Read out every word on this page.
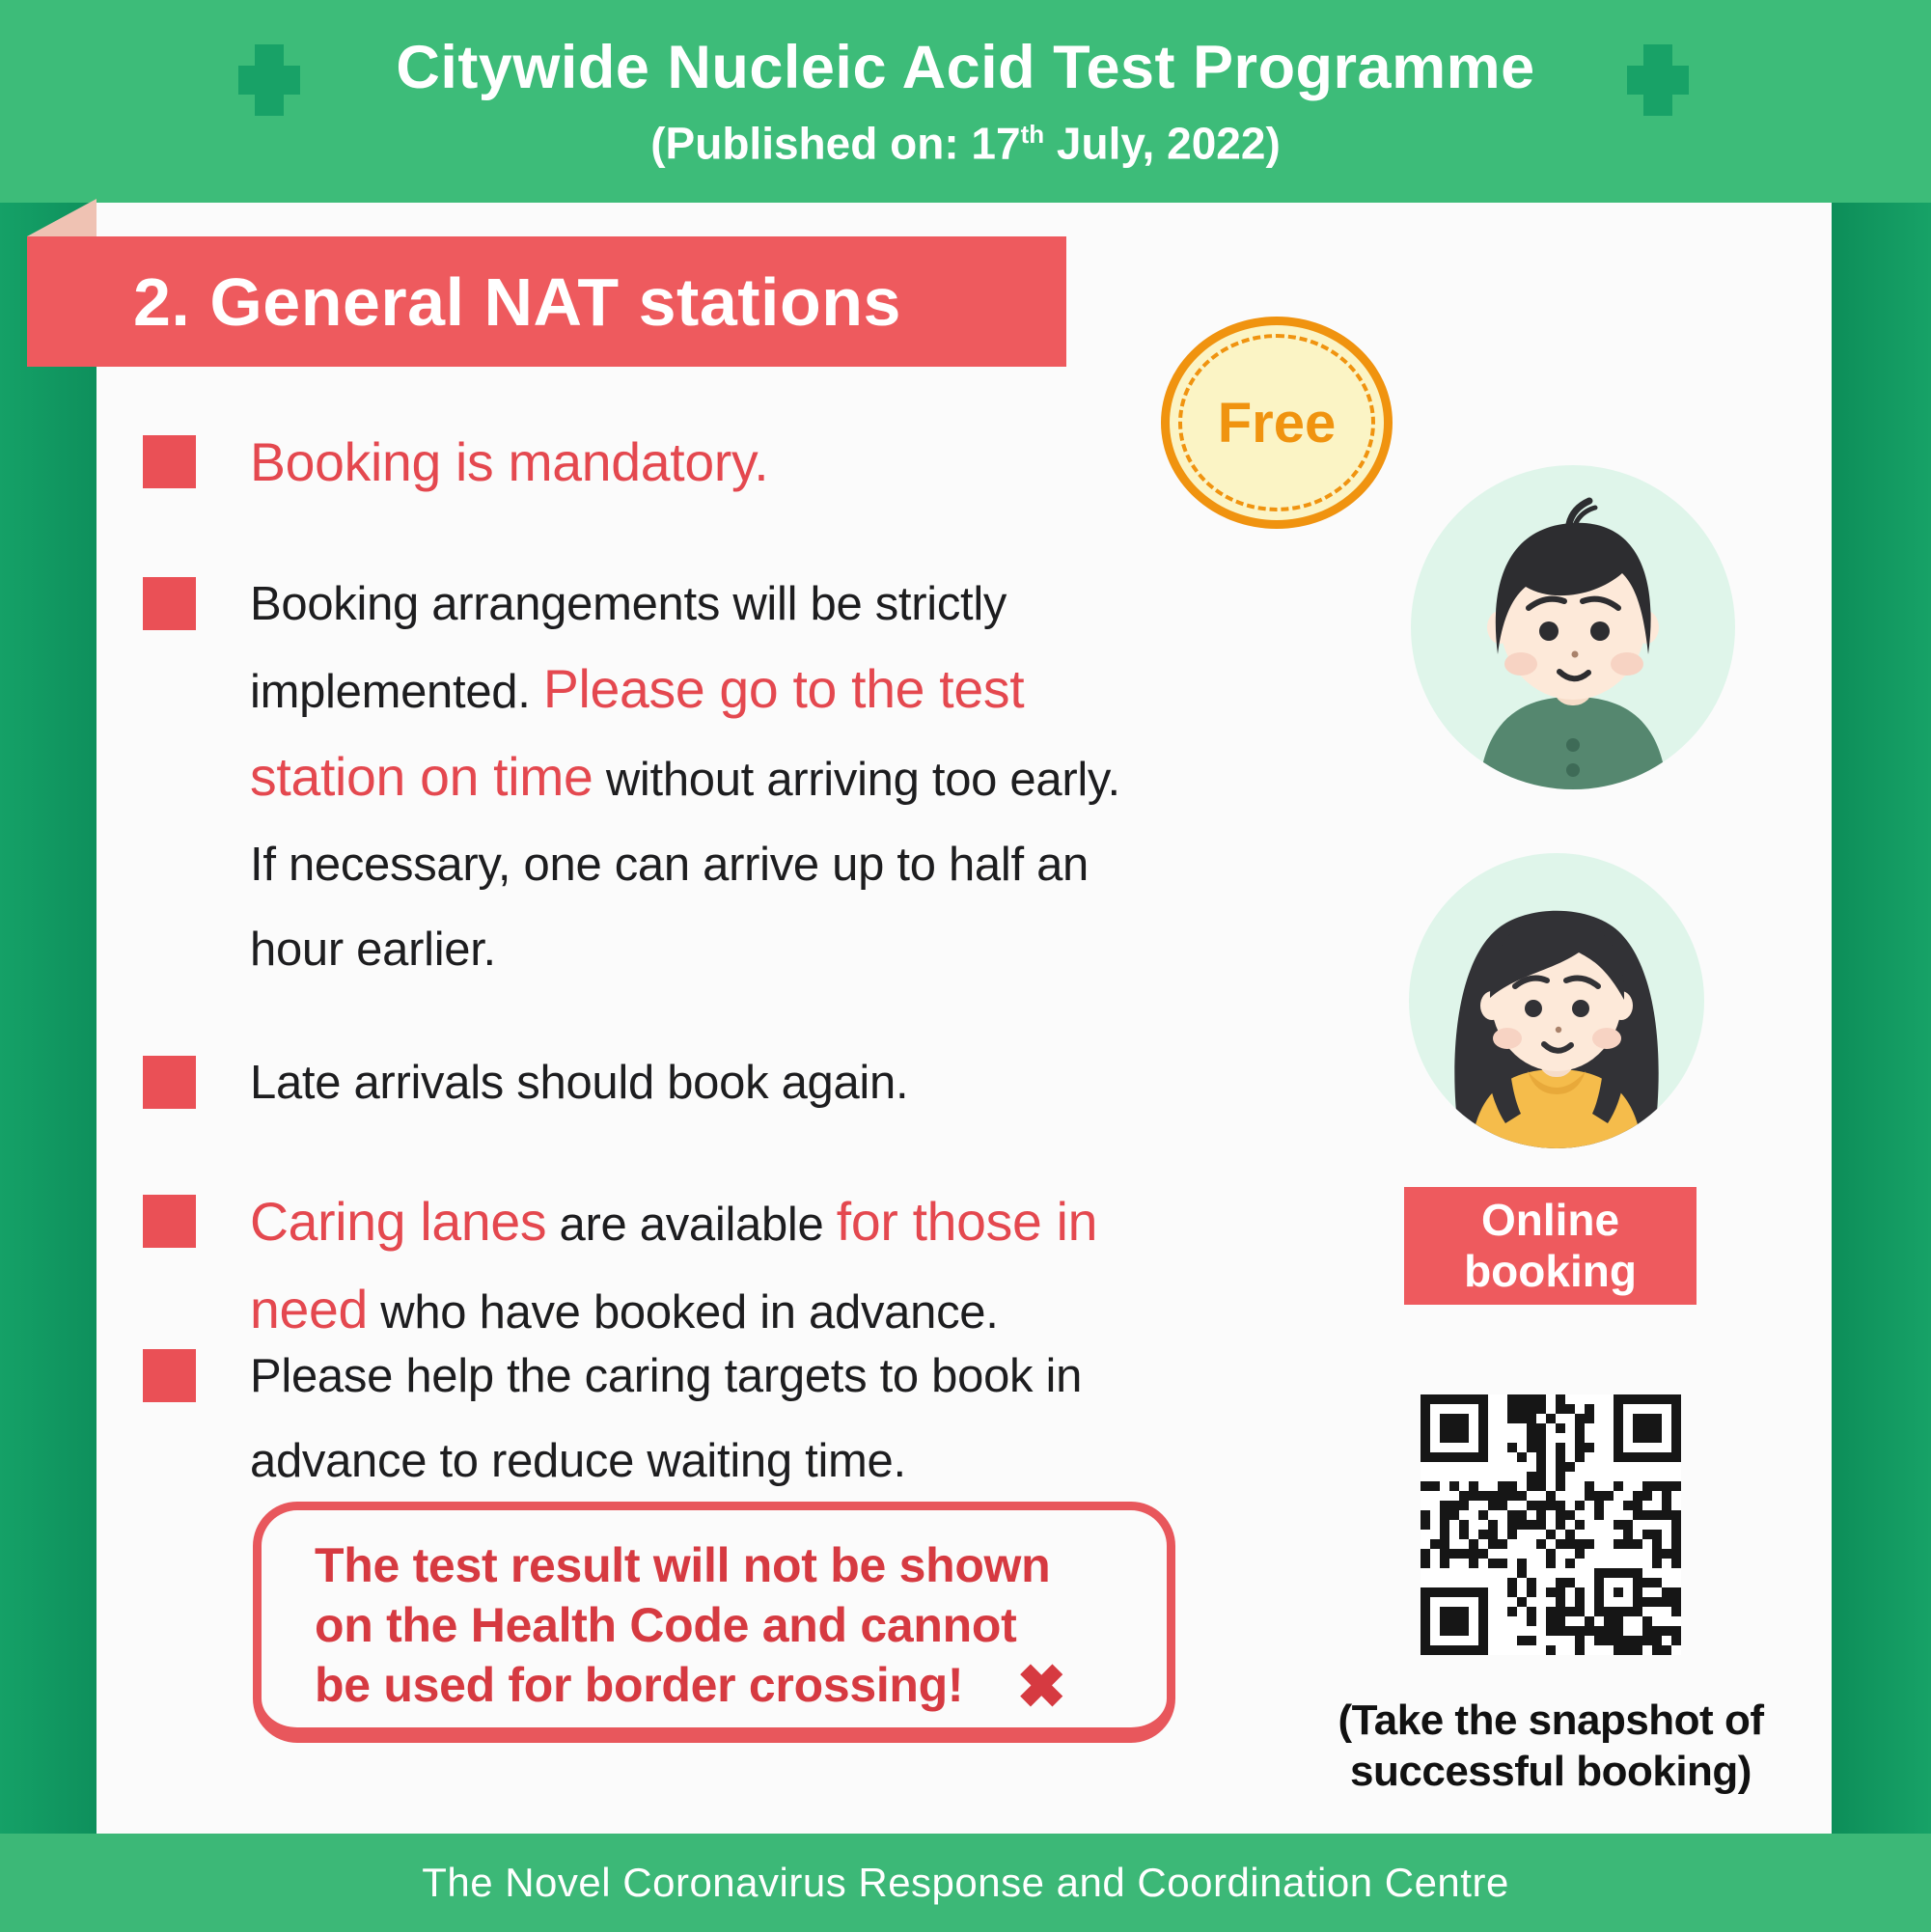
Citywide Nucleic Acid Test Programme
(Published on: 17th July, 2022)
2. General NAT stations
Free

Booking is mandatory.

Booking arrangements will be strictly
implemented. Please go to the test
station on time without arriving too early.
If necessary, one can arrive up to half an
hour earlier.

Late arrivals should book again.

Caring lanes are available for those in
need who have booked in advance.

Please help the caring targets to book in
advance to reduce waiting time.

The test result will not be shown
on the Health Code and cannot
be used for border crossing! ✖
Online
booking
(Take the snapshot of
successful booking)
The Novel Coronavirus Response and Coordination Centre
